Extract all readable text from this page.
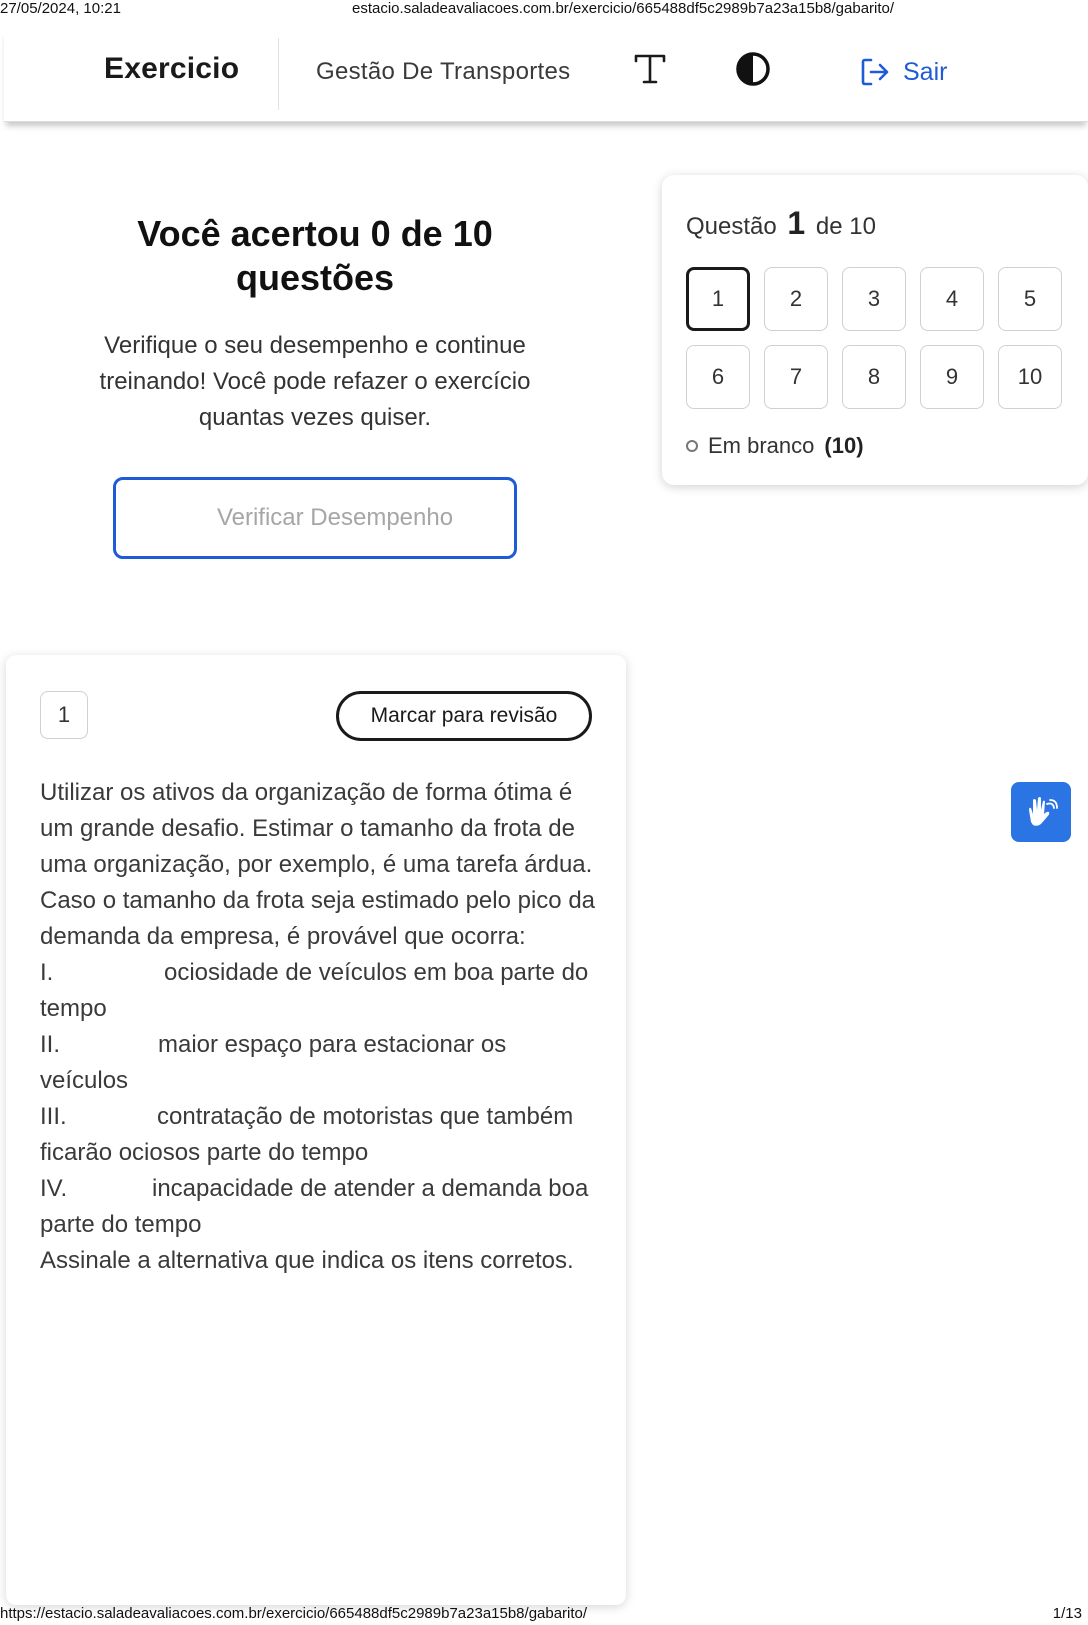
27/05/2024, 10:21	estacio.saladeavaliacoes.com.br/exercicio/665488df5c2989b7a23a15b8/gabarito/
Exercicio	Gestão De Transportes	Sair
Você acertou 0 de 10 questões
Verifique o seu desempenho e continue treinando! Você pode refazer o exercício quantas vezes quiser.
Verificar Desempenho
Questão 1 de 10
1	2	3	4	5
6	7	8	9	10
Em branco (10)
1	Marcar para revisão

Utilizar os ativos da organização de forma ótima é um grande desafio. Estimar o tamanho da frota de uma organização, por exemplo, é uma tarefa árdua. Caso o tamanho da frota seja estimado pelo pico da demanda da empresa, é provável que ocorra:

I.	ociosidade de veículos em boa parte do tempo

II.	maior espaço para estacionar os veículos

III.	contratação de motoristas que também ficarão ociosos parte do tempo

IV.	incapacidade de atender a demanda boa parte do tempo

Assinale a alternativa que indica os itens corretos.

https://estacio.saladeavaliacoes.com.br/exercicio/665488df5c2989b7a23a15b8/gabarito/	1/13
